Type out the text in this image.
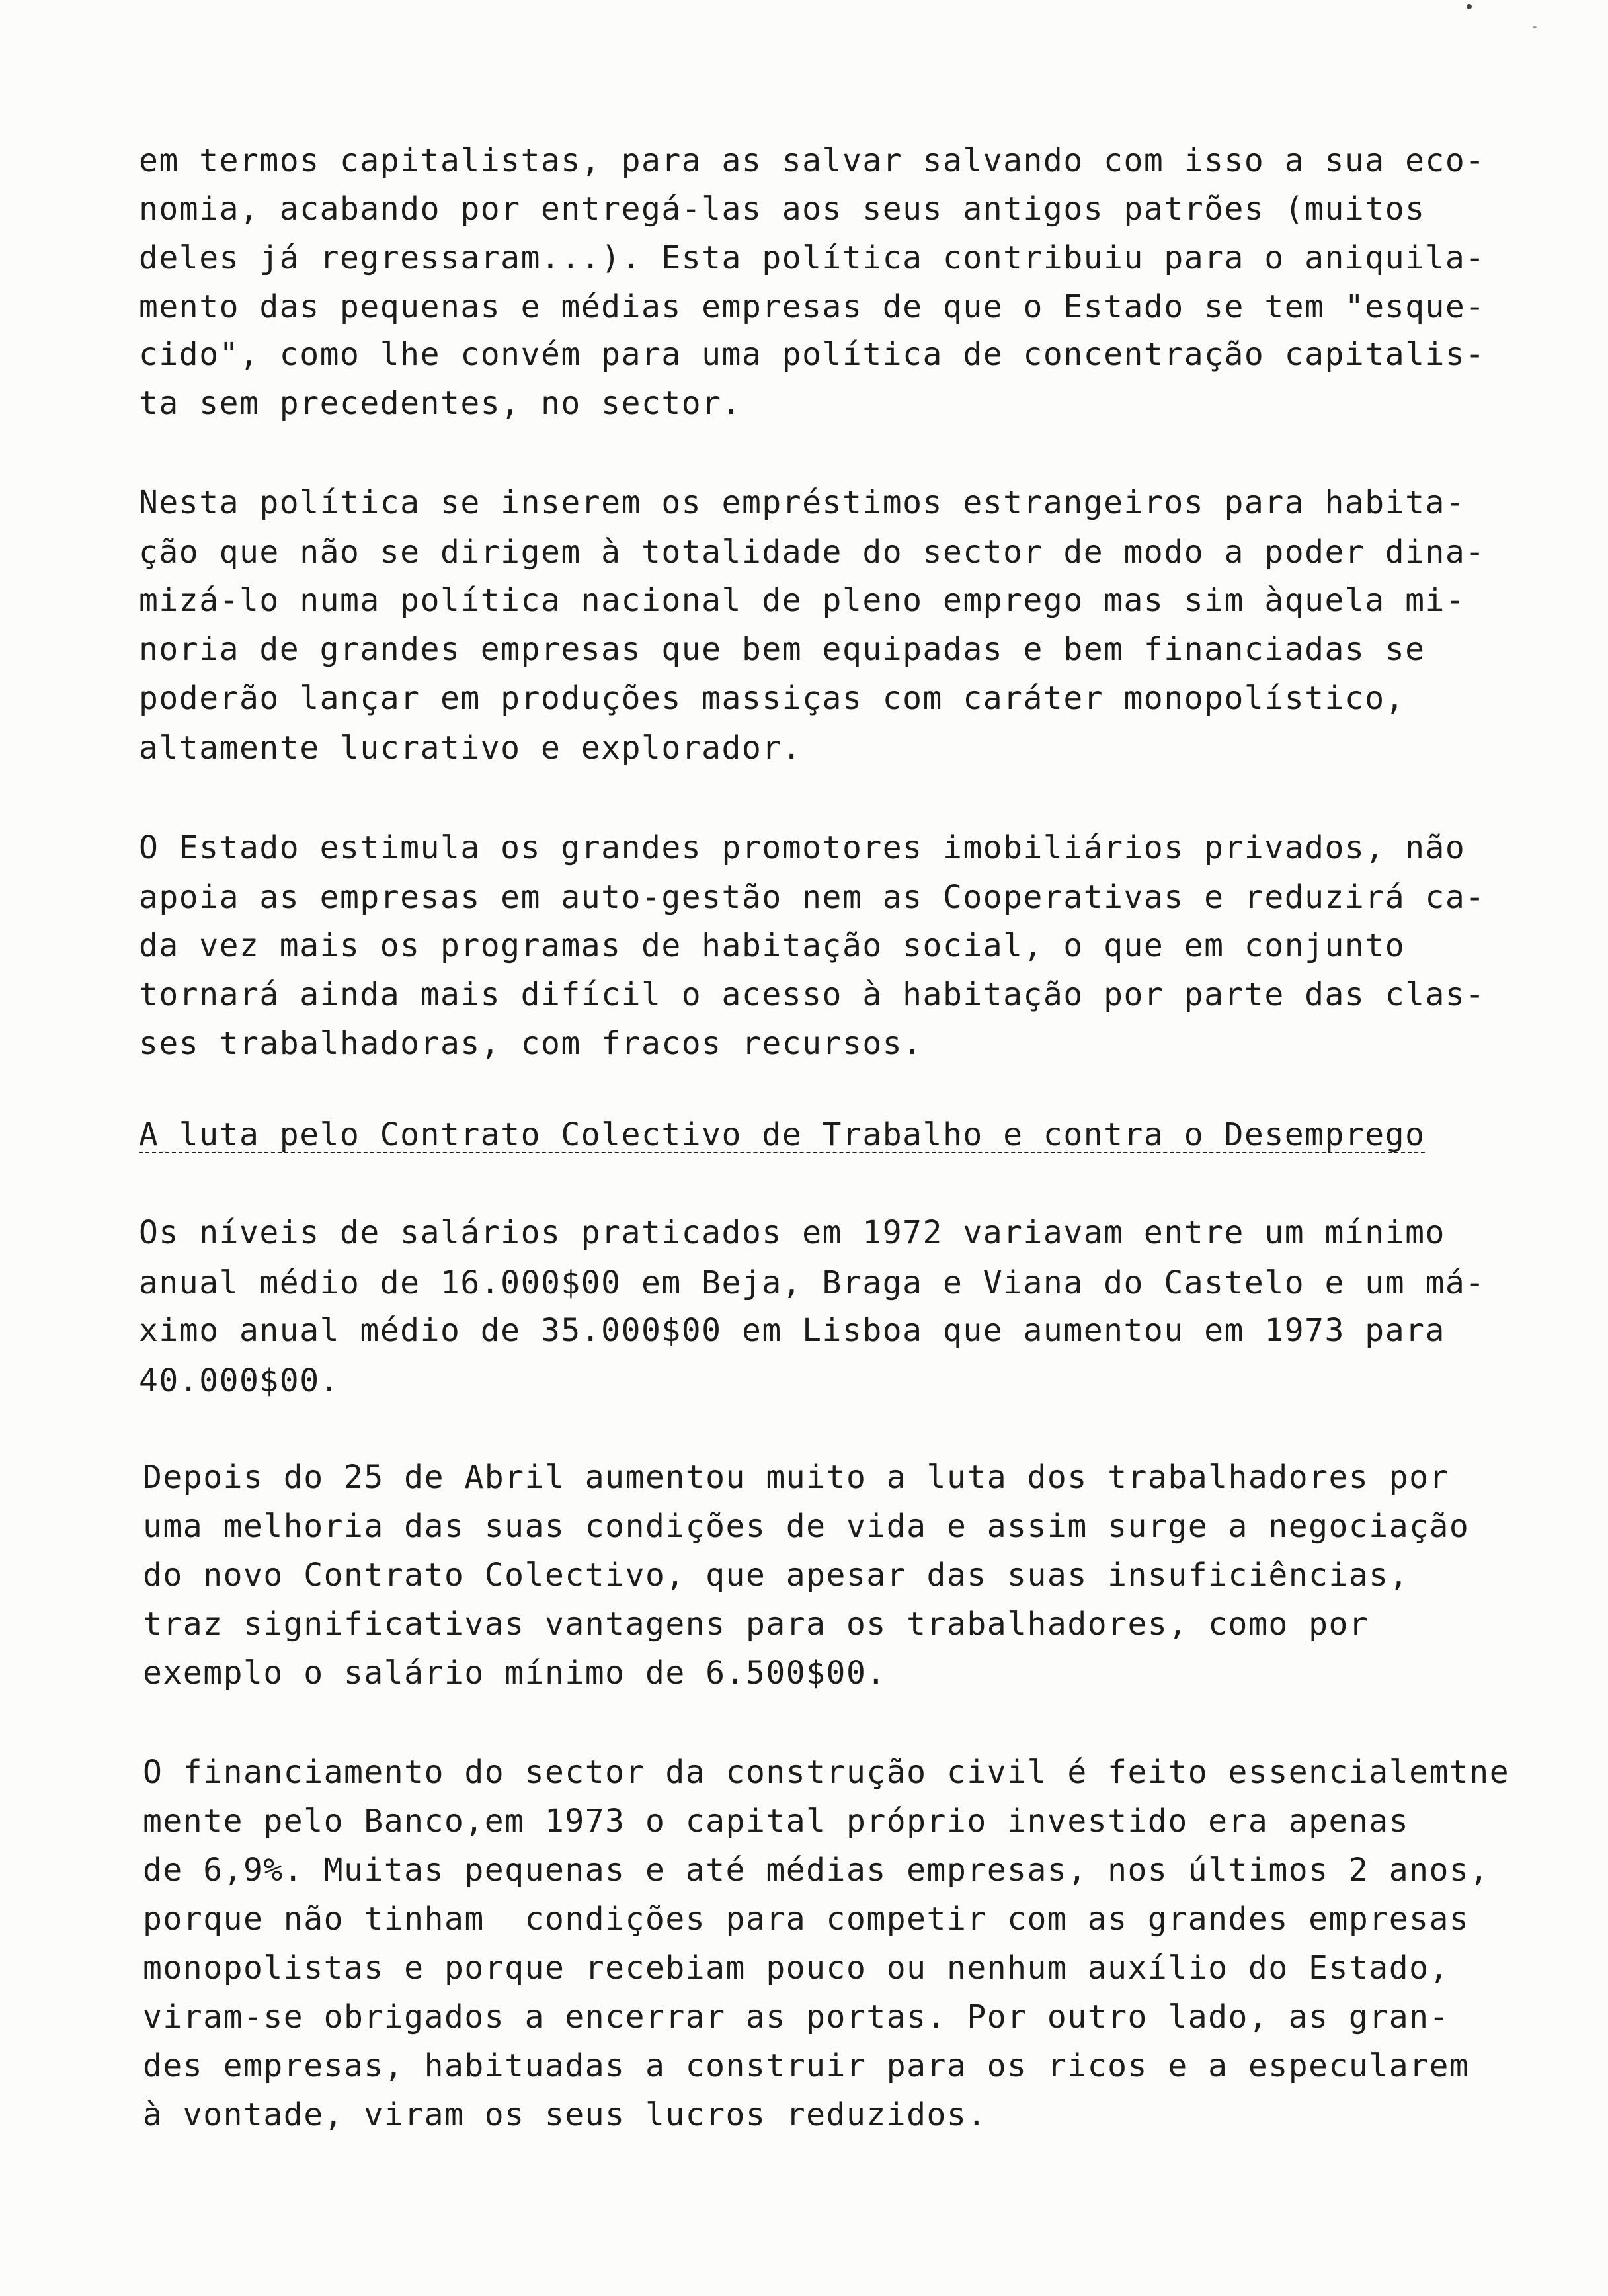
em termos capitalistas, para as salvar salvando com isso a sua eco-
nomia, acabando por entregá-las aos seus antigos patrões (muitos
deles já regressaram...). Esta política contribuiu para o aniquila-
mento das pequenas e médias empresas de que o Estado se tem "esque-
cido", como lhe convém para uma política de concentração capitalis-
ta sem precedentes, no sector.
Nesta política se inserem os empréstimos estrangeiros para habita-
ção que não se dirigem à totalidade do sector de modo a poder dina-
mizá-lo numa política nacional de pleno emprego mas sim àquela mi-
noria de grandes empresas que bem equipadas e bem financiadas se
poderão lançar em produções massiças com caráter monopolístico,
altamente lucrativo e explorador.
O Estado estimula os grandes promotores imobiliários privados, não
apoia as empresas em auto-gestão nem as Cooperativas e reduzirá ca-
da vez mais os programas de habitação social, o que em conjunto
tornará ainda mais difícil o acesso à habitação por parte das clas-
ses trabalhadoras, com fracos recursos.
A luta pelo Contrato Colectivo de Trabalho e contra o Desemprego
Os níveis de salários praticados em 1972 variavam entre um mínimo
anual médio de 16.000$00 em Beja, Braga e Viana do Castelo e um má-
ximo anual médio de 35.000$00 em Lisboa que aumentou em 1973 para
40.000$00.
Depois do 25 de Abril aumentou muito a luta dos trabalhadores por
uma melhoria das suas condições de vida e assim surge a negociação
do novo Contrato Colectivo, que apesar das suas insuficiências,
traz significativas vantagens para os trabalhadores, como por
exemplo o salário mínimo de 6.500$00.
O financiamento do sector da construção civil é feito essencialemtne
mente pelo Banco,em 1973 o capital próprio investido era apenas
de 6,9%. Muitas pequenas e até médias empresas, nos últimos 2 anos,
porque não tinham  condições para competir com as grandes empresas
monopolistas e porque recebiam pouco ou nenhum auxílio do Estado,
viram-se obrigados a encerrar as portas. Por outro lado, as gran-
des empresas, habituadas a construir para os ricos e a especularem
à vontade, viram os seus lucros reduzidos.
